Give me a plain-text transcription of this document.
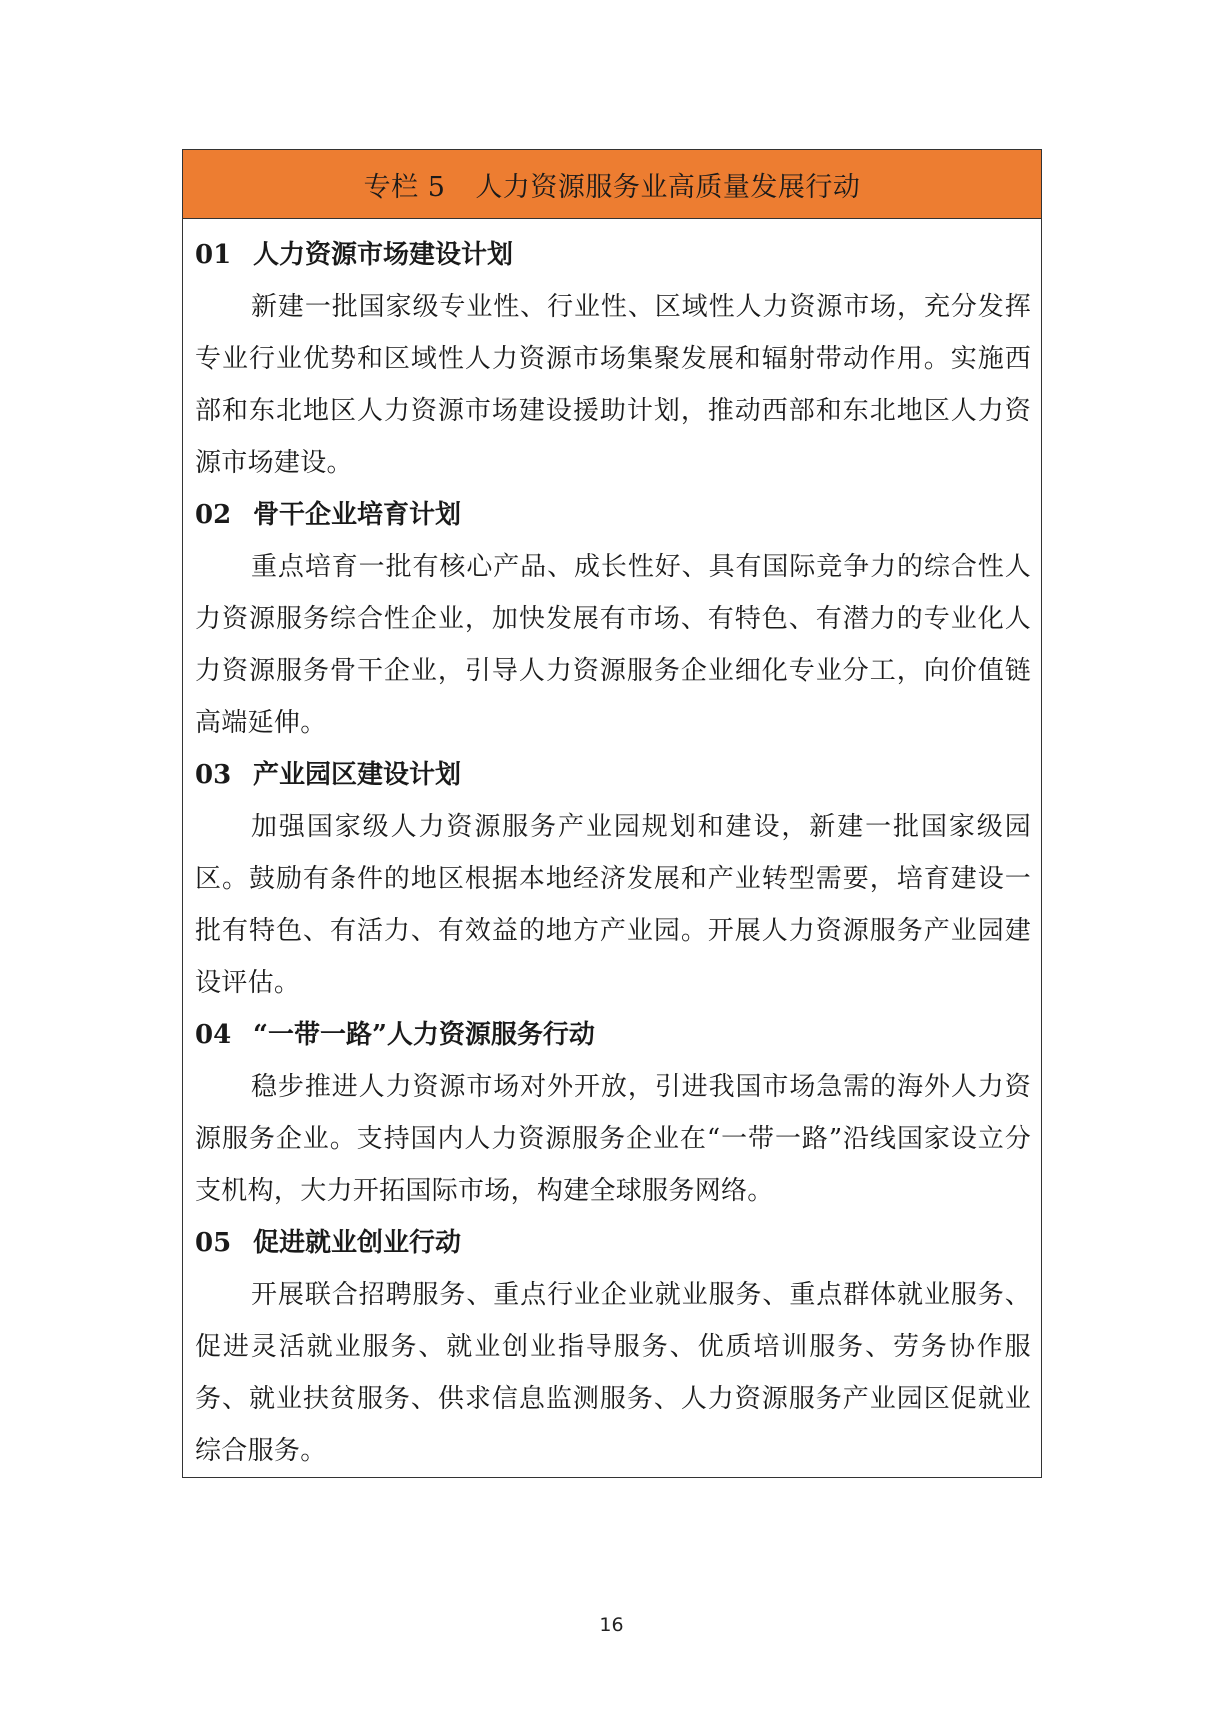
专栏 5 人力资源服务业高质量发展行动
01 人力资源市场建设计划
新建一批国家级专业性、行业性、区域性人力资源市场，充分发挥专业行业优势和区域性人力资源市场集聚发展和辐射带动作用。实施西部和东北地区人力资源市场建设援助计划，推动西部和东北地区人力资源市场建设。
02 骨干企业培育计划
重点培育一批有核心产品、成长性好、具有国际竞争力的综合性人力资源服务综合性企业，加快发展有市场、有特色、有潜力的专业化人力资源服务骨干企业，引导人力资源服务企业细化专业分工，向价值链高端延伸。
03 产业园区建设计划
加强国家级人力资源服务产业园规划和建设，新建一批国家级园区。鼓励有条件的地区根据本地经济发展和产业转型需要，培育建设一批有特色、有活力、有效益的地方产业园。开展人力资源服务产业园建设评估。
04 “一带一路”人力资源服务行动
稳步推进人力资源市场对外开放，引进我国市场急需的海外人力资源服务企业。支持国内人力资源服务企业在“一带一路”沿线国家设立分支机构，大力开拓国际市场，构建全球服务网络。
05 促进就业创业行动
开展联合招聘服务、重点行业企业就业服务、重点群体就业服务、促进灵活就业服务、就业创业指导服务、优质培训服务、劳务协作服务、就业扶贫服务、供求信息监测服务、人力资源服务产业园区促就业综合服务。
16
